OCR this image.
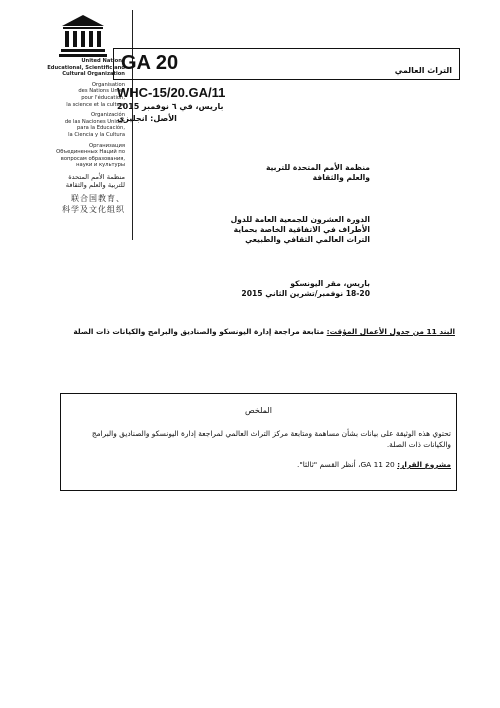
United Nations
Educational, Scientific and
Cultural Organization
Organisation
des Nations Unies
pour l'éducation,
la science et la culture
Organización
de las Naciones Unidas
para la Educación,
la Ciencia y la Cultura
Организация
Объединенных Наций по
вопросам образования,
науки и культуры
منظمة الأمم المتحدة
للتربية والعلم والثقافة
联合国教育、
科学及文化组织
GA 20	التراث العالمي
WHC-15/20.GA/11
باريس، في ٦ نوفمبر 2015
الأصل: انجليزي
منظمة الأمم المتحدة للتربية
والعلم والثقافة
الدورة العشرون للجمعية العامة للدول
الأطراف في الاتفاقية الخاصة بحماية
التراث العالمي الثقافي والطبيعي
باريس، مقر اليونسكو
18-20 نوفمبر/تشرين الثاني 2015
البند 11 من جدول الأعمال المؤقت: متابعة مراجعة إدارة اليونسكو والصناديق والبرامج والكيانات ذات الصلة
الملخص
تحتوي هذه الوثيقة على بيانات بشأن مساهمة ومتابعة مركز التراث العالمي لمراجعة إدارة اليونسكو والصناديق والبرامج والكيانات ذات الصلة.
مشروع القرار: GA 11 20، أنظر القسم "ثالثا".
